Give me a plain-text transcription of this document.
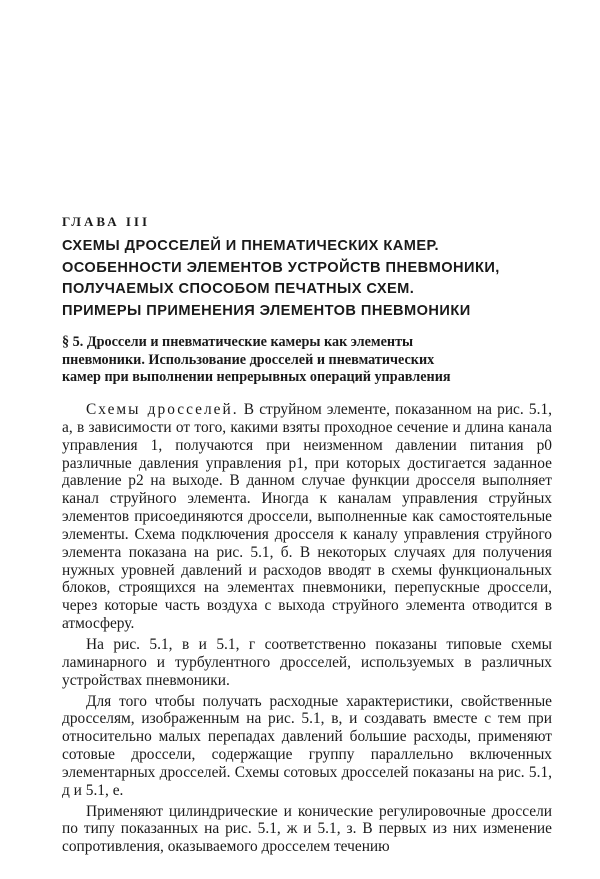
ГЛАВА III
СХЕМЫ ДРОССЕЛЕЙ И ПНЕМАТИЧЕСКИХ КАМЕР.
ОСОБЕННОСТИ ЭЛЕМЕНТОВ УСТРОЙСТВ ПНЕВМОНИКИ,
ПОЛУЧАЕМЫХ СПОСОБОМ ПЕЧАТНЫХ СХЕМ.
ПРИМЕРЫ ПРИМЕНЕНИЯ ЭЛЕМЕНТОВ ПНЕВМОНИКИ
§ 5. Дроссели и пневматические камеры как элементы
пневмоники. Использование дросселей и пневматических
камер при выполнении непрерывных операций управления

Схемы дросселей. В струйном элементе, показанном на рис. 5.1, а, в зависимости от того, какими взяты проходное сечение и длина канала управления 1, получаются при неизменном давлении питания p0 различные давления управления p1, при которых достигается заданное давление p2 на выходе. В данном случае функции дросселя выполняет канал струйного элемента. Иногда к каналам управления струйных элементов присоединяются дроссели, выполненные как самостоятельные элементы. Схема подключения дросселя к каналу управления струйного элемента показана на рис. 5.1, б. В некоторых случаях для получения нужных уровней давлений и расходов вводят в схемы функциональных блоков, строящихся на элементах пневмоники, перепускные дроссели, через которые часть воздуха с выхода струйного элемента отводится в атмосферу.

На рис. 5.1, в и 5.1, г соответственно показаны типовые схемы ламинарного и турбулентного дросселей, используемых в различных устройствах пневмоники.

Для того чтобы получать расходные характеристики, свойственные дросселям, изображенным на рис. 5.1, в, и создавать вместе с тем при относительно малых перепадах давлений большие расходы, применяют сотовые дроссели, содержащие группу параллельно включенных элементарных дросселей. Схемы сотовых дросселей показаны на рис. 5.1, д и 5.1, е.

Применяют цилиндрические и конические регулировочные дроссели по типу показанных на рис. 5.1, ж и 5.1, з. В первых из них изменение сопротивления, оказываемого дросселем течению
